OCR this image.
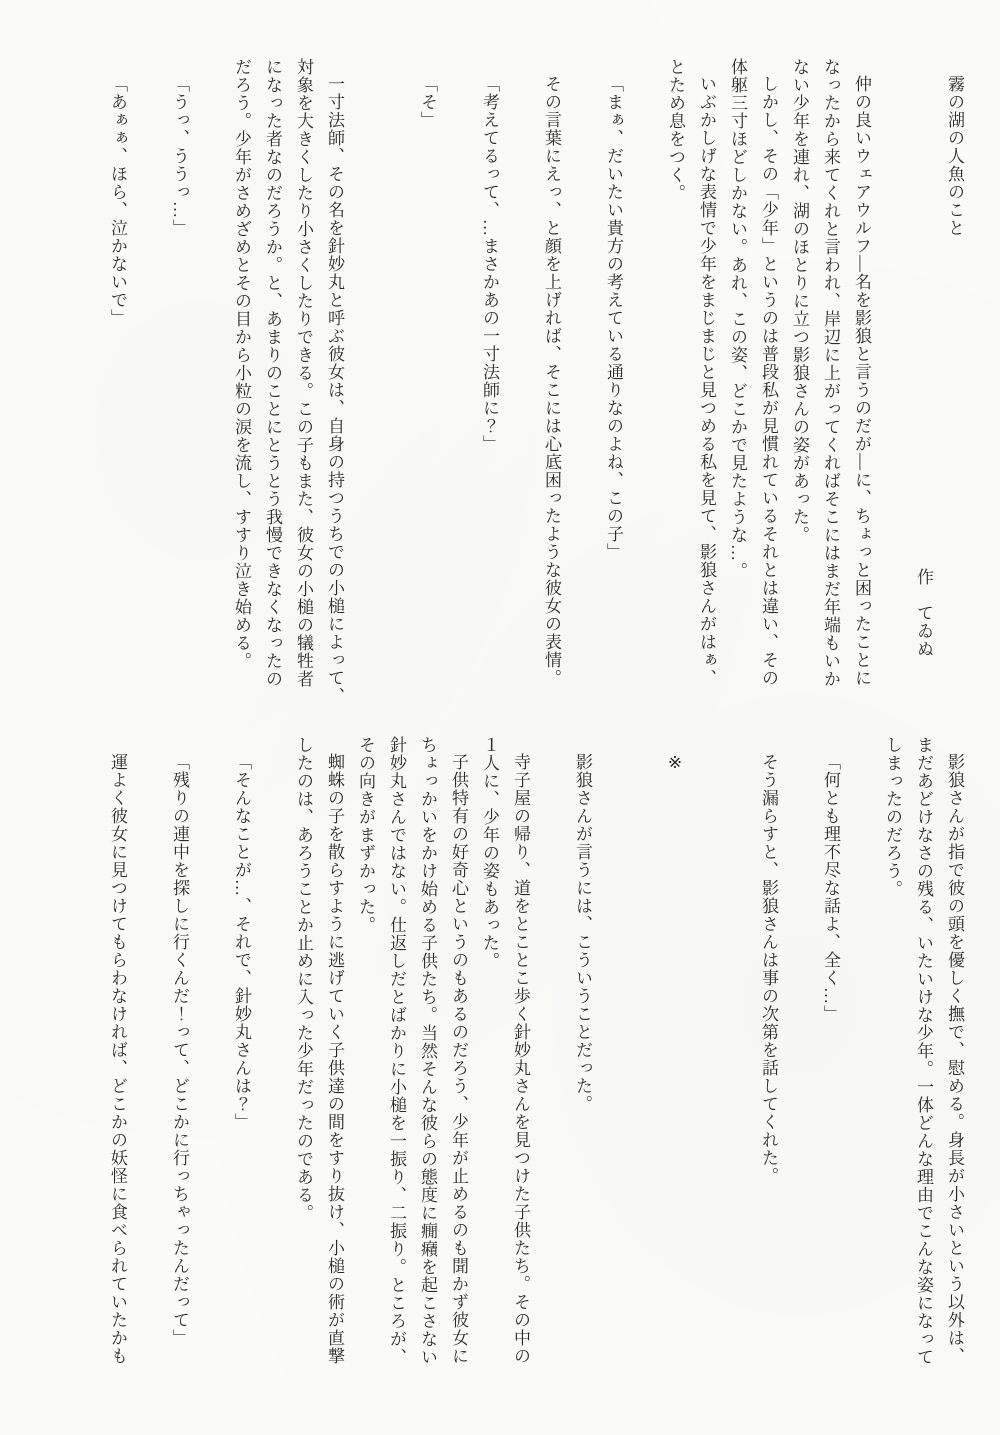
霧の湖の人魚のこと
作　てゐぬ
仲の良いウェアウルフ―名を影狼と言うのだが―に、ちょっと困ったことに
なったから来てくれと言われ、岸辺に上がってくればそこにはまだ年端もいか
ない少年を連れ、湖のほとりに立つ影狼さんの姿があった。
しかし、その「少年」というのは普段私が見慣れているそれとは違い、その
体躯三寸ほどしかない。あれ、この姿、どこかで見たような…。
いぶかしげな表情で少年をまじまじと見つめる私を見て、影狼さんがはぁ、
とため息をつく。
「まぁ、だいたい貴方の考えている通りなのよね、この子」
その言葉にえっ、と顔を上げれば、そこには心底困ったような彼女の表情。
「考えてるって、…まさかあの一寸法師に？」
「そ」
一寸法師、その名を針妙丸と呼ぶ彼女は、自身の持つうちでの小槌によって、
対象を大きくしたり小さくしたりできる。この子もまた、彼女の小槌の犠牲者
になった者なのだろうか。と、あまりのことにとうとう我慢できなくなったの
だろう。少年がさめざめとその目から小粒の涙を流し、すすり泣き始める。
「うっ、ううっ…」
「あぁぁ、ほら、泣かないで」
影狼さんが指で彼の頭を優しく撫で、慰める。身長が小さいという以外は、
まだあどけなさの残る、いたいけな少年。一体どんな理由でこんな姿になって
しまったのだろう。
「何とも理不尽な話よ、全く…」
そう漏らすと、影狼さんは事の次第を話してくれた。
※
影狼さんが言うには、こういうことだった。
寺子屋の帰り、道をとことこ歩く針妙丸さんを見つけた子供たち。その中の
１人に、少年の姿もあった。
子供特有の好奇心というのもあるのだろう、少年が止めるのも聞かず彼女に
ちょっかいをかけ始める子供たち。当然そんな彼らの態度に癇癪を起こさない
針妙丸さんではない。仕返しだとばかりに小槌を一振り、二振り。ところが、
その向きがまずかった。
蜘蛛の子を散らすように逃げていく子供達の間をすり抜け、小槌の術が直撃
したのは、あろうことか止めに入った少年だったのである。
「そんなことが…、それで、針妙丸さんは？」
「残りの連中を探しに行くんだ！って、どこかに行っちゃったんだって」
運よく彼女に見つけてもらわなければ、どこかの妖怪に食べられていたかも
